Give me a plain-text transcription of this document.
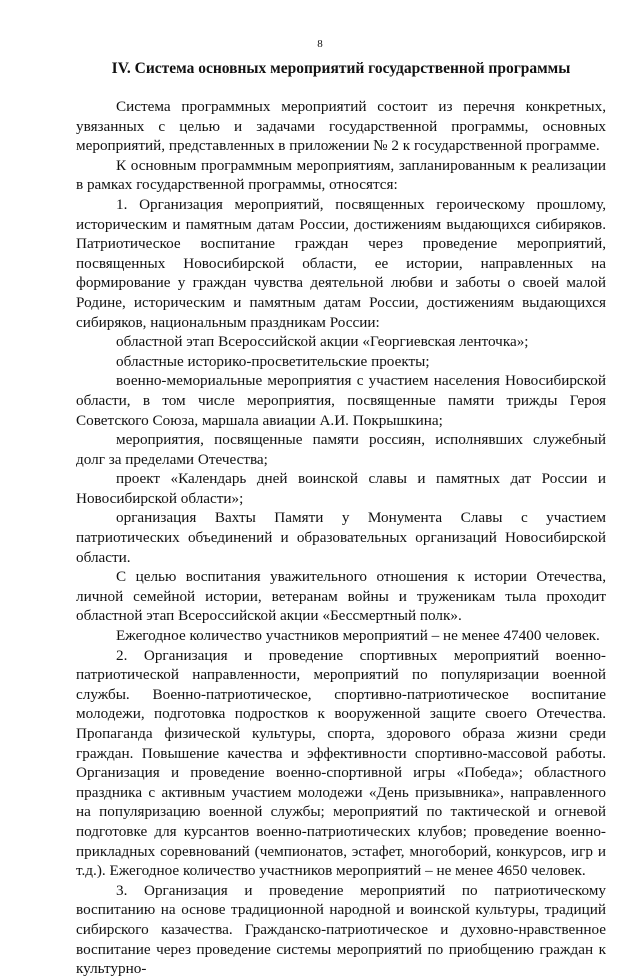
8
IV. Система основных мероприятий государственной программы

Система программных мероприятий состоит из перечня конкретных, увязанных с целью и задачами государственной программы, основных мероприятий, представленных в приложении № 2 к государственной программе.

К основным программным мероприятиям, запланированным к реализации в рамках государственной программы, относятся:

1. Организация мероприятий, посвященных героическому прошлому, историческим и памятным датам России, достижениям выдающихся сибиряков. Патриотическое воспитание граждан через проведение мероприятий, посвященных Новосибирской области, ее истории, направленных на формирование у граждан чувства деятельной любви и заботы о своей малой Родине, историческим и памятным датам России, достижениям выдающихся сибиряков, национальным праздникам России:

областной этап Всероссийской акции «Георгиевская ленточка»;

областные историко-просветительские проекты;

военно-мемориальные мероприятия с участием населения Новосибирской области, в том числе мероприятия, посвященные памяти трижды Героя Советского Союза, маршала авиации А.И. Покрышкина;

мероприятия, посвященные памяти россиян, исполнявших служебный долг за пределами Отечества;

проект «Календарь дней воинской славы и памятных дат России и Новосибирской области»;

организация Вахты Памяти у Монумента Славы с участием патриотических объединений и образовательных организаций Новосибирской области.

С целью воспитания уважительного отношения к истории Отечества, личной семейной истории, ветеранам войны и труженикам тыла проходит областной этап Всероссийской акции «Бессмертный полк».

Ежегодное количество участников мероприятий – не менее 47400 человек.

2. Организация и проведение спортивных мероприятий военно-патриотической направленности, мероприятий по популяризации военной службы. Военно-патриотическое, спортивно-патриотическое воспитание молодежи, подготовка подростков к вооруженной защите своего Отечества. Пропаганда физической культуры, спорта, здорового образа жизни среди граждан. Повышение качества и эффективности спортивно-массовой работы. Организация и проведение военно-спортивной игры «Победа»; областного праздника с активным участием молодежи «День призывника», направленного на популяризацию военной службы; мероприятий по тактической и огневой подготовке для курсантов военно-патриотических клубов; проведение военно-прикладных соревнований (чемпионатов, эстафет, многоборий, конкурсов, игр и т.д.). Ежегодное количество участников мероприятий – не менее 4650 человек.

3. Организация и проведение мероприятий по патриотическому воспитанию на основе традиционной народной и воинской культуры, традиций сибирского казачества. Гражданско-патриотическое и духовно-нравственное воспитание через проведение системы мероприятий по приобщению граждан к культурно-
